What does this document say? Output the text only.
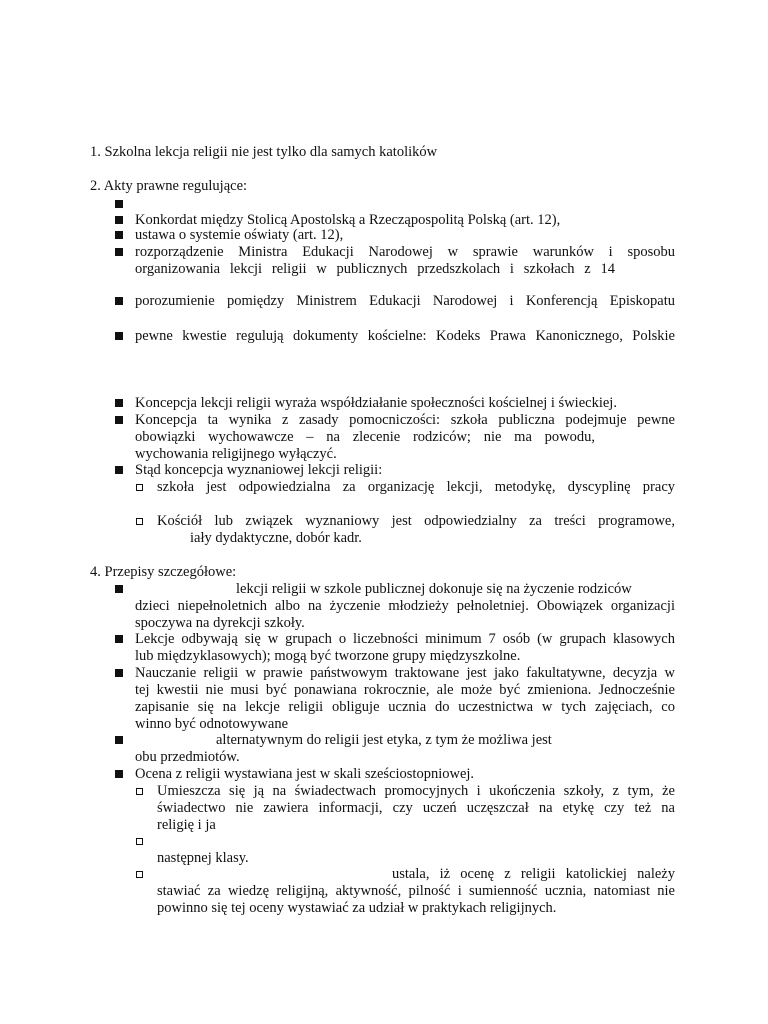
1. Szkolna lekcja religii nie jest tylko dla samych katolików
2. Akty prawne regulujące:
Konkordat między Stolicą Apostolską a Rzecząpospolitą Polską (art. 12),
ustawa o systemie oświaty (art. 12),
rozporządzenie Ministra Edukacji Narodowej w sprawie warunków i sposobu
organizowania lekcji religii w publicznych przedszkolach i szkołach z 14
porozumienie pomiędzy Ministrem Edukacji Narodowej i Konferencją Episkopatu
pewne kwestie regulują dokumenty kościelne: Kodeks Prawa Kanonicznego, Polskie
Koncepcja lekcji religii wyraża współdziałanie społeczności kościelnej i świeckiej.
Koncepcja ta wynika z zasady pomocniczości: szkoła publiczna podejmuje pewne
obowiązki wychowawcze – na zlecenie rodziców; nie ma powodu,
wychowania religijnego wyłączyć.
Stąd koncepcja wyznaniowej lekcji religii:
szkoła jest odpowiedzialna za organizację lekcji, metodykę, dyscyplinę pracy
Kościół lub związek wyznaniowy jest odpowiedzialny za treści programowe,
iały dydaktyczne, dobór kadr.
4. Przepisy szczegółowe:
lekcji religii w szkole publicznej dokonuje się na życzenie rodziców
dzieci niepełnoletnich albo na życzenie młodzieży pełnoletniej. Obowiązek organizacji
spoczywa na dyrekcji szkoły.
Lekcje odbywają się w grupach o liczebności minimum 7 osób (w grupach klasowych
lub międzyklasowych); mogą być tworzone grupy międzyszkolne.
Nauczanie religii w prawie państwowym traktowane jest jako fakultatywne, decyzja w
tej kwestii nie musi być ponawiana rokrocznie, ale może być zmieniona. Jednocześnie
zapisanie się na lekcje religii obliguje ucznia do uczestnictwa w tych zajęciach, co
winno być odnotowywane
alternatywnym do religii jest etyka, z tym że możliwa jest
obu przedmiotów.
Ocena z religii wystawiana jest w skali sześciostopniowej.
Umieszcza się ją na świadectwach promocyjnych i ukończenia szkoły, z tym, że
świadectwo nie zawiera informacji, czy uczeń uczęszczał na etykę czy też na
religię i ja
następnej klasy.
ustala, iż ocenę z religii katolickiej należy
stawiać za wiedzę religijną, aktywność, pilność i sumienność ucznia, natomiast nie
powinno się tej oceny wystawiać za udział w praktykach religijnych.
